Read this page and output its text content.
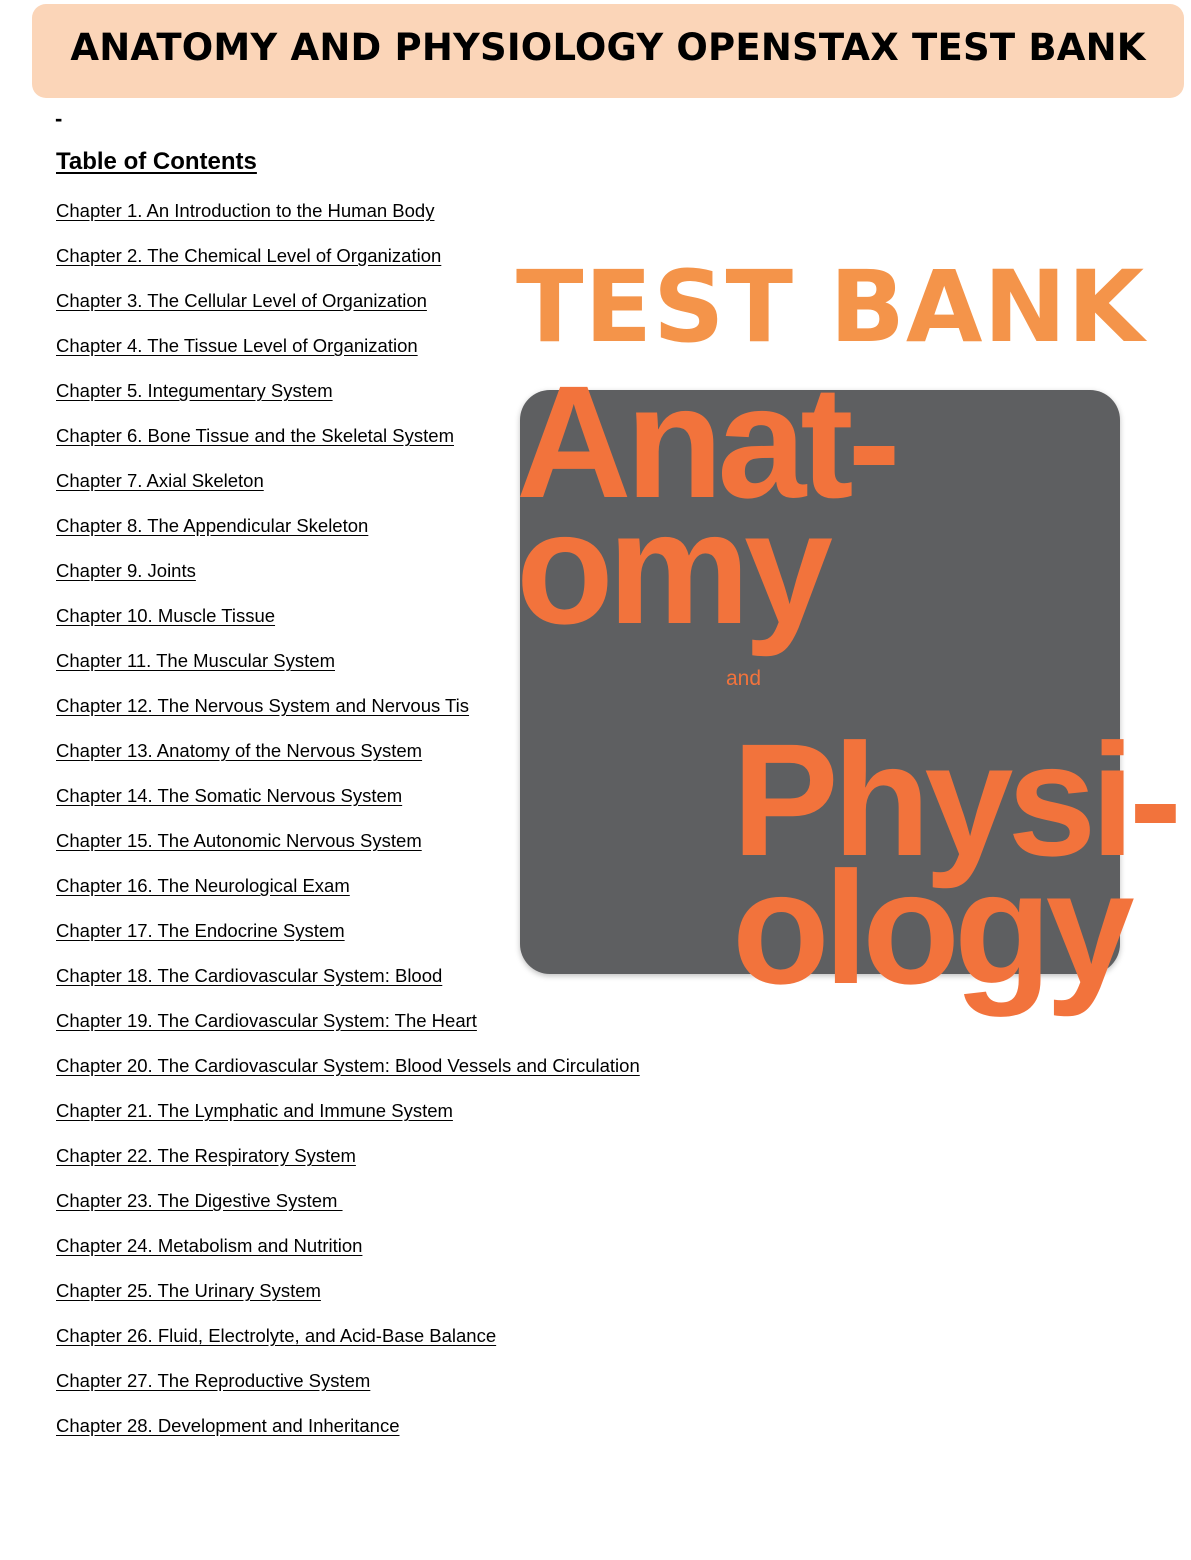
ANATOMY AND PHYSIOLOGY OPENSTAX TEST BANK
-
Table of Contents
Chapter 1. An Introduction to the Human Body
Chapter 2. The Chemical Level of Organization
Chapter 3. The Cellular Level of Organization
Chapter 4. The Tissue Level of Organization
Chapter 5. Integumentary System
Chapter 6. Bone Tissue and the Skeletal System
Chapter 7. Axial Skeleton
Chapter 8. The Appendicular Skeleton
Chapter 9. Joints
Chapter 10. Muscle Tissue
Chapter 11. The Muscular System
Chapter 12. The Nervous System and Nervous Tis
Chapter 13. Anatomy of the Nervous System
Chapter 14. The Somatic Nervous System
Chapter 15. The Autonomic Nervous System
Chapter 16. The Neurological Exam
Chapter 17. The Endocrine System
Chapter 18. The Cardiovascular System: Blood
Chapter 19. The Cardiovascular System: The Heart
Chapter 20. The Cardiovascular System: Blood Vessels and Circulation
Chapter 21. The Lymphatic and Immune System
Chapter 22. The Respiratory System
Chapter 23. The Digestive System
Chapter 24. Metabolism and Nutrition
Chapter 25. The Urinary System
Chapter 26. Fluid, Electrolyte, and Acid-Base Balance
Chapter 27. The Reproductive System
Chapter 28. Development and Inheritance
TEST BANK
Anat-
omy
and
Physi-
ology
